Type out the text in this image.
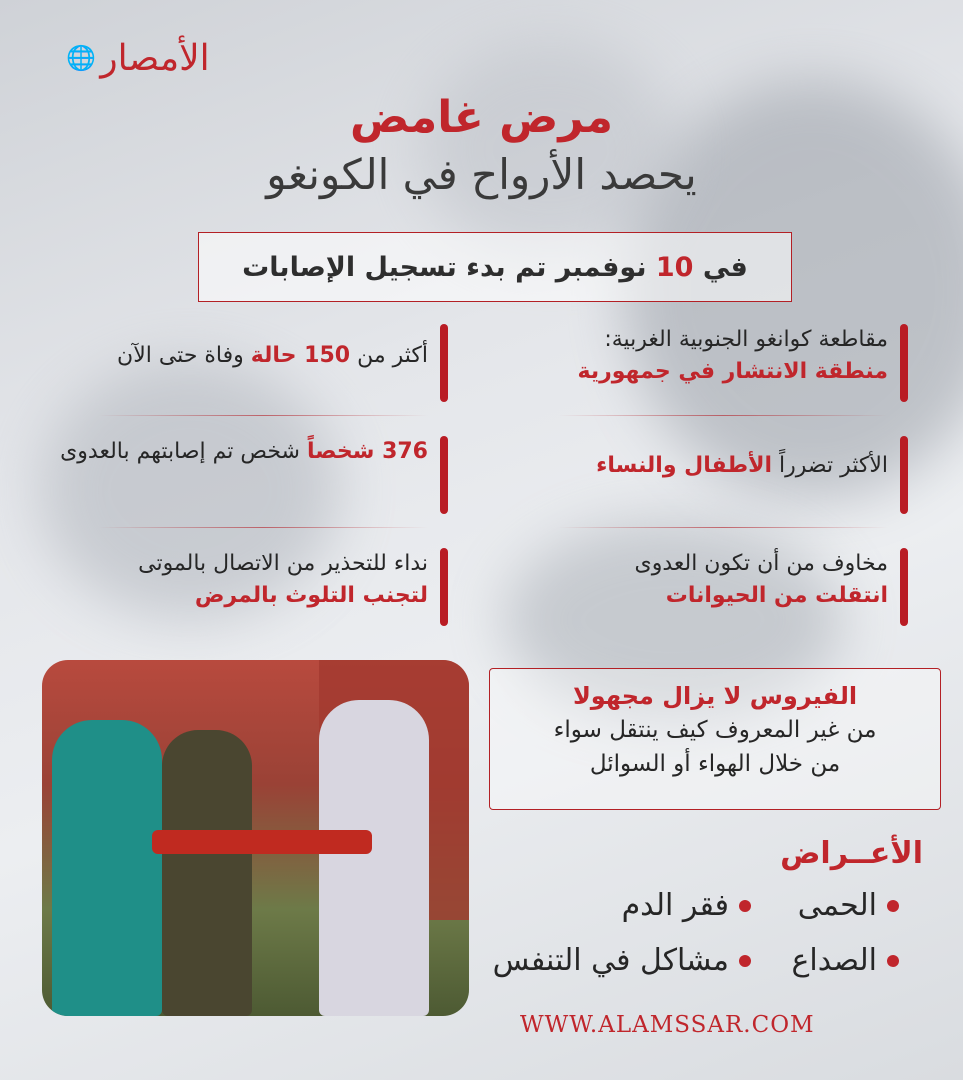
الأمصار
🌐
مرض غامض
يحصد الأرواح في الكونغو
في

10

نوفمبر تم بدء تسجيل الإصابات
مقاطعة كوانغو الجنوبية الغربية:
منطقة الانتشار في جمهورية
الأكثر تضرراً الأطفال والنساء
مخاوف من أن تكون العدوى
انتقلت من الحيوانات
أكثر من 150 حالة وفاة حتى الآن
376 شخصاً شخص تم إصابتهم بالعدوى
نداء للتحذير من الاتصال بالموتى
لتجنب التلوث بالمرض
الفيروس لا يزال مجهولا
من غير المعروف كيف ينتقل سواء
من خلال الهواء أو السوائل
الأعــراض
الحمى
فقر الدم
الصداع
مشاكل في التنفس
WWW.ALAMSSAR.COM
